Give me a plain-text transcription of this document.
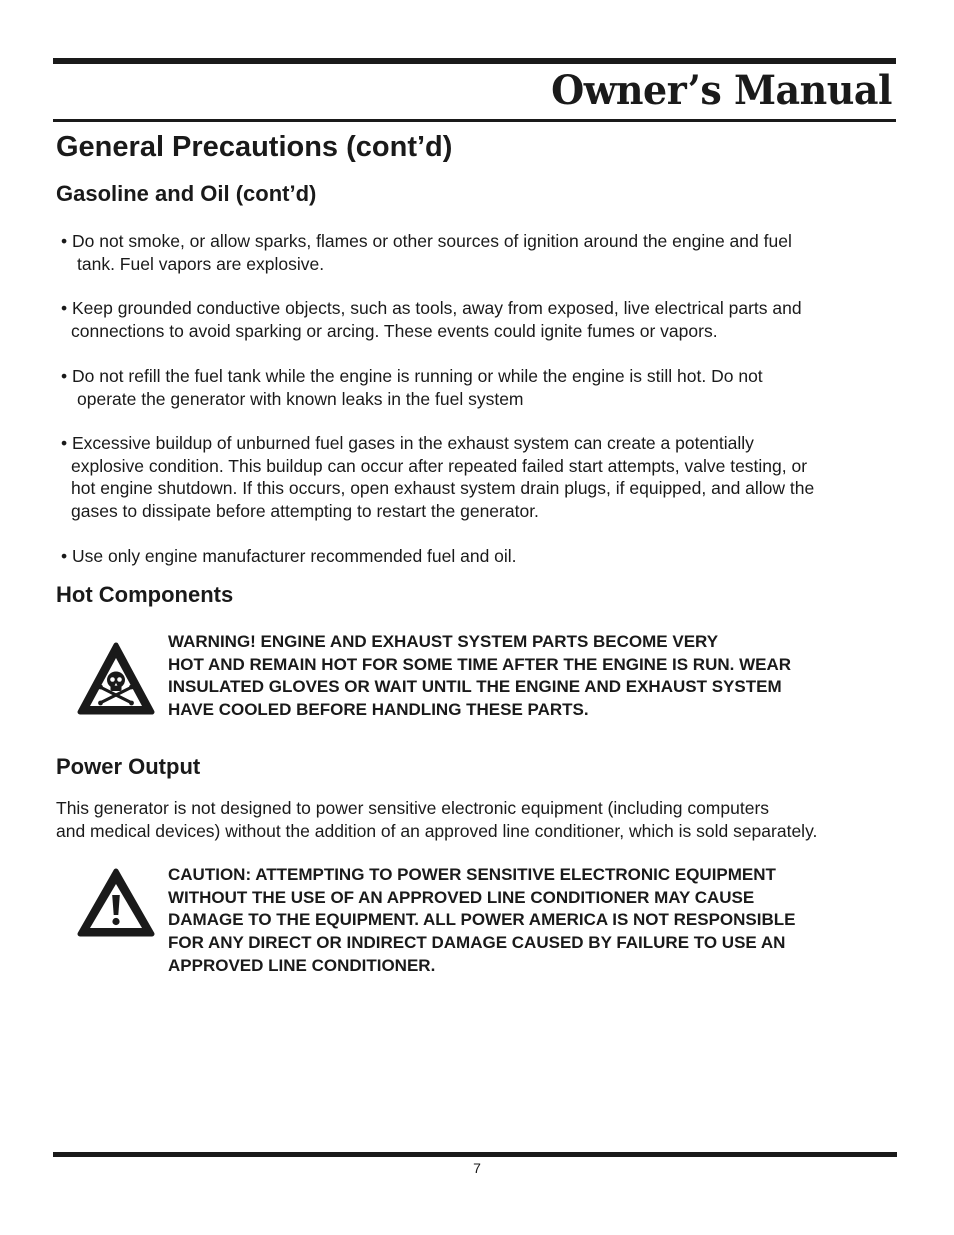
Owner’s Manual
General Precautions (cont’d)
Gasoline and Oil (cont’d)

• Do not smoke, or allow sparks, flames or other sources of ignition around the engine and fuel
tank. Fuel vapors are explosive.

• Keep grounded conductive objects, such as tools, away from exposed, live electrical parts and
connections to avoid sparking or arcing. These events could ignite fumes or vapors.

• Do not refill the fuel tank while the engine is running or while the engine is still hot. Do not
operate the generator with known leaks in the fuel system

• Excessive buildup of unburned fuel gases in the exhaust system can create a potentially
explosive condition. This buildup can occur after repeated failed start attempts, valve testing, or
hot engine shutdown. If this occurs, open exhaust system drain plugs, if equipped, and allow the
gases to dissipate before attempting to restart the generator.

• Use only engine manufacturer recommended fuel and oil.

Hot Components

WARNING! ENGINE AND EXHAUST SYSTEM PARTS BECOME VERY
HOT AND REMAIN HOT FOR SOME TIME AFTER THE ENGINE IS RUN. WEAR
INSULATED GLOVES OR WAIT UNTIL THE ENGINE AND EXHAUST SYSTEM
HAVE COOLED BEFORE HANDLING THESE PARTS.

Power Output

This generator is not designed to power sensitive electronic equipment (including computers
and medical devices) without the addition of an approved line conditioner, which is sold separately.

CAUTION: ATTEMPTING TO POWER SENSITIVE ELECTRONIC EQUIPMENT
WITHOUT THE USE OF AN APPROVED LINE CONDITIONER MAY CAUSE
DAMAGE TO THE EQUIPMENT. ALL POWER AMERICA IS NOT RESPONSIBLE
FOR ANY DIRECT OR INDIRECT DAMAGE CAUSED BY FAILURE TO USE AN
APPROVED LINE CONDITIONER.

7
